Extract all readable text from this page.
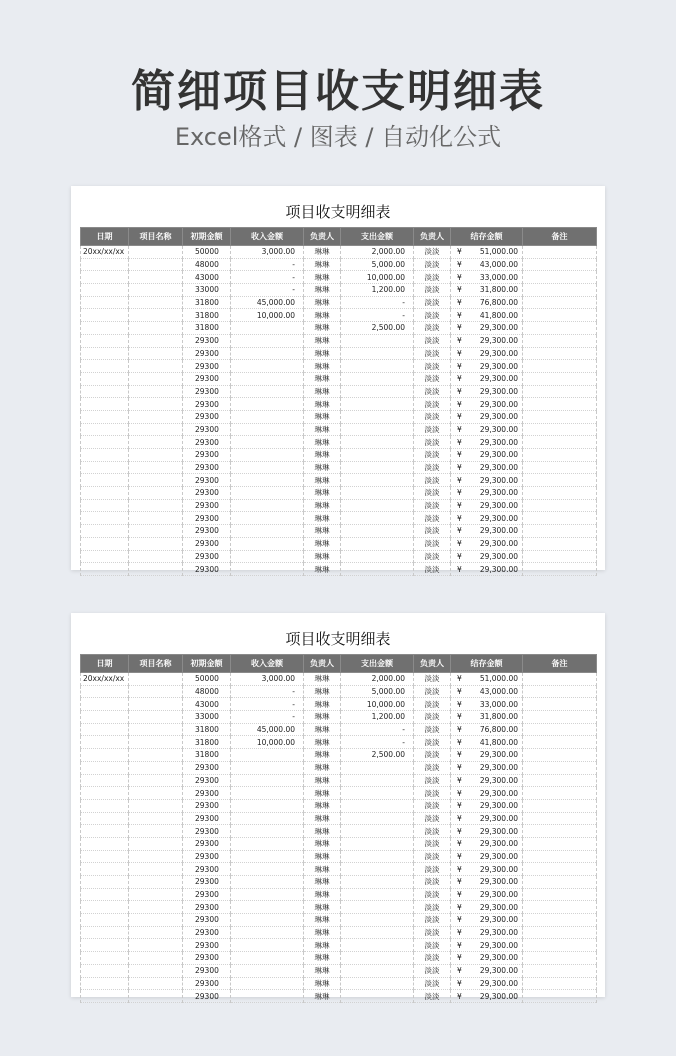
简细项目收支明细表
Excel格式 / 图表 / 自动化公式
项目收支明细表
日期	项目名称	初期金额	收入金额	负责人	支出金额	负责人	结存金额	备注
20xx/xx/xx		50000	3,000.00	琳琳	2,000.00	淡淡	¥ 51,000.00	
		48000	-	琳琳	5,000.00	淡淡	¥ 43,000.00	
		43000	-	琳琳	10,000.00	淡淡	¥ 33,000.00	
		33000	-	琳琳	1,200.00	淡淡	¥ 31,800.00	
		31800	45,000.00	琳琳	-	淡淡	¥ 76,800.00	
		31800	10,000.00	琳琳	-	淡淡	¥ 41,800.00	
		31800		琳琳	2,500.00	淡淡	¥ 29,300.00	
		29300		琳琳		淡淡	¥ 29,300.00	
		29300		琳琳		淡淡	¥ 29,300.00	
		29300		琳琳		淡淡	¥ 29,300.00	
		29300		琳琳		淡淡	¥ 29,300.00	
		29300		琳琳		淡淡	¥ 29,300.00	
		29300		琳琳		淡淡	¥ 29,300.00	
		29300		琳琳		淡淡	¥ 29,300.00	
		29300		琳琳		淡淡	¥ 29,300.00	
		29300		琳琳		淡淡	¥ 29,300.00	
		29300		琳琳		淡淡	¥ 29,300.00	
		29300		琳琳		淡淡	¥ 29,300.00	
		29300		琳琳		淡淡	¥ 29,300.00	
		29300		琳琳		淡淡	¥ 29,300.00	
		29300		琳琳		淡淡	¥ 29,300.00	
		29300		琳琳		淡淡	¥ 29,300.00	
		29300		琳琳		淡淡	¥ 29,300.00	
		29300		琳琳		淡淡	¥ 29,300.00	
		29300		琳琳		淡淡	¥ 29,300.00	
		29300		琳琳		淡淡	¥ 29,300.00	
项目收支明细表
日期	项目名称	初期金额	收入金额	负责人	支出金额	负责人	结存金额	备注
20xx/xx/xx		50000	3,000.00	琳琳	2,000.00	淡淡	¥ 51,000.00	
		48000	-	琳琳	5,000.00	淡淡	¥ 43,000.00	
		43000	-	琳琳	10,000.00	淡淡	¥ 33,000.00	
		33000	-	琳琳	1,200.00	淡淡	¥ 31,800.00	
		31800	45,000.00	琳琳	-	淡淡	¥ 76,800.00	
		31800	10,000.00	琳琳	-	淡淡	¥ 41,800.00	
		31800		琳琳	2,500.00	淡淡	¥ 29,300.00	
		29300		琳琳		淡淡	¥ 29,300.00	
		29300		琳琳		淡淡	¥ 29,300.00	
		29300		琳琳		淡淡	¥ 29,300.00	
		29300		琳琳		淡淡	¥ 29,300.00	
		29300		琳琳		淡淡	¥ 29,300.00	
		29300		琳琳		淡淡	¥ 29,300.00	
		29300		琳琳		淡淡	¥ 29,300.00	
		29300		琳琳		淡淡	¥ 29,300.00	
		29300		琳琳		淡淡	¥ 29,300.00	
		29300		琳琳		淡淡	¥ 29,300.00	
		29300		琳琳		淡淡	¥ 29,300.00	
		29300		琳琳		淡淡	¥ 29,300.00	
		29300		琳琳		淡淡	¥ 29,300.00	
		29300		琳琳		淡淡	¥ 29,300.00	
		29300		琳琳		淡淡	¥ 29,300.00	
		29300		琳琳		淡淡	¥ 29,300.00	
		29300		琳琳		淡淡	¥ 29,300.00	
		29300		琳琳		淡淡	¥ 29,300.00	
		29300		琳琳		淡淡	¥ 29,300.00	
